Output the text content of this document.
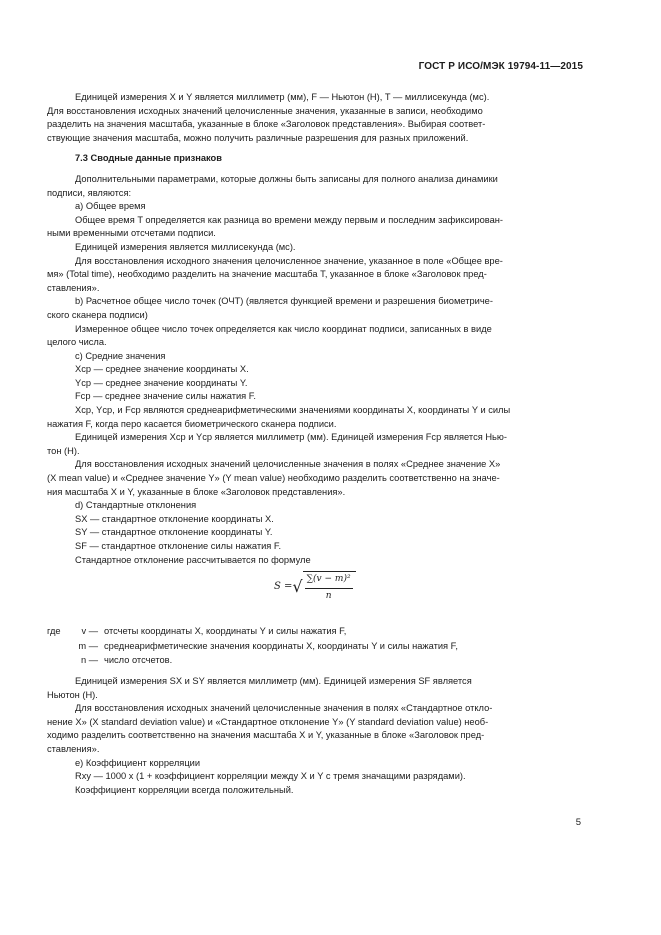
ГОСТ Р ИСО/МЭК 19794-11—2015

Единицей измерения X и Y является миллиметр (мм), F — Ньютон (Н), T — миллисекунда (мс).

Для восстановления исходных значений целочисленные значения, указанные в записи, необходимо

разделить на значения масштаба, указанные в блоке «Заголовок представления». Выбирая соответ-

ствующие значения масштаба, можно получить различные разрешения для разных приложений.

7.3 Сводные данные признаков

Дополнительными параметрами, которые должны быть записаны для полного анализа динамики

подписи, являются:

а) Общее время

Общее время T определяется как разница во времени между первым и последним зафиксирован-

ными временными отсчетами подписи.

Единицей измерения является миллисекунда (мс).

Для восстановления исходного значения целочисленное значение, указанное в поле «Общее вре-

мя» (Total time), необходимо разделить на значение масштаба T, указанное в блоке «Заголовок пред-

ставления».

b) Расчетное общее число точек (ОЧТ) (является функцией времени и разрешения биометриче-

ского сканера подписи)

Измеренное общее число точек определяется как число координат подписи, записанных в виде

целого числа.

с) Средние значения

Xср — среднее значение координаты X.

Yср — среднее значение координаты Y.

Fср — среднее значение силы нажатия F.

Xср, Yср, и Fср являются среднеарифметическими значениями координаты X, координаты Y и силы

нажатия F, когда перо касается биометрического сканера подписи.

Единицей измерения Xср и Yср является миллиметр (мм). Единицей измерения Fср является Нью-

тон (Н).

Для восстановления исходных значений целочисленные значения в полях «Среднее значение X»

(X mean value) и «Среднее значение Y» (Y mean value) необходимо разделить соответственно на значе-

ния масштаба X и Y, указанные в блоке «Заголовок представления».

d) Стандартные отклонения

SX — стандартное отклонение координаты X.

SY — стандартное отклонение координаты Y.

SF — стандартное отклонение силы нажатия F.

Стандартное отклонение рассчитывается по формуле

S = √ $\frac{\text{∑(v − m)²}}{n}$
где	v — отсчеты координаты X, координаты Y и силы нажатия F,
m — среднеарифметические значения координаты X, координаты Y и силы нажатия F,
n — число отсчетов.

Единицей измерения SX и SY является миллиметр (мм). Единицей измерения SF является

Ньютон (Н).

Для восстановления исходных значений целочисленные значения в полях «Стандартное откло-

нение X» (X standard deviation value) и «Стандартное отклонение Y» (Y standard deviation value) необ-

ходимо разделить соответственно на значения масштаба X и Y, указанные в блоке «Заголовок пред-

ставления».

е) Коэффициент корреляции

Rxy — 1000 x (1 + коэффициент корреляции между X и Y с тремя значащими разрядами).

Коэффициент корреляции всегда положительный.

5
